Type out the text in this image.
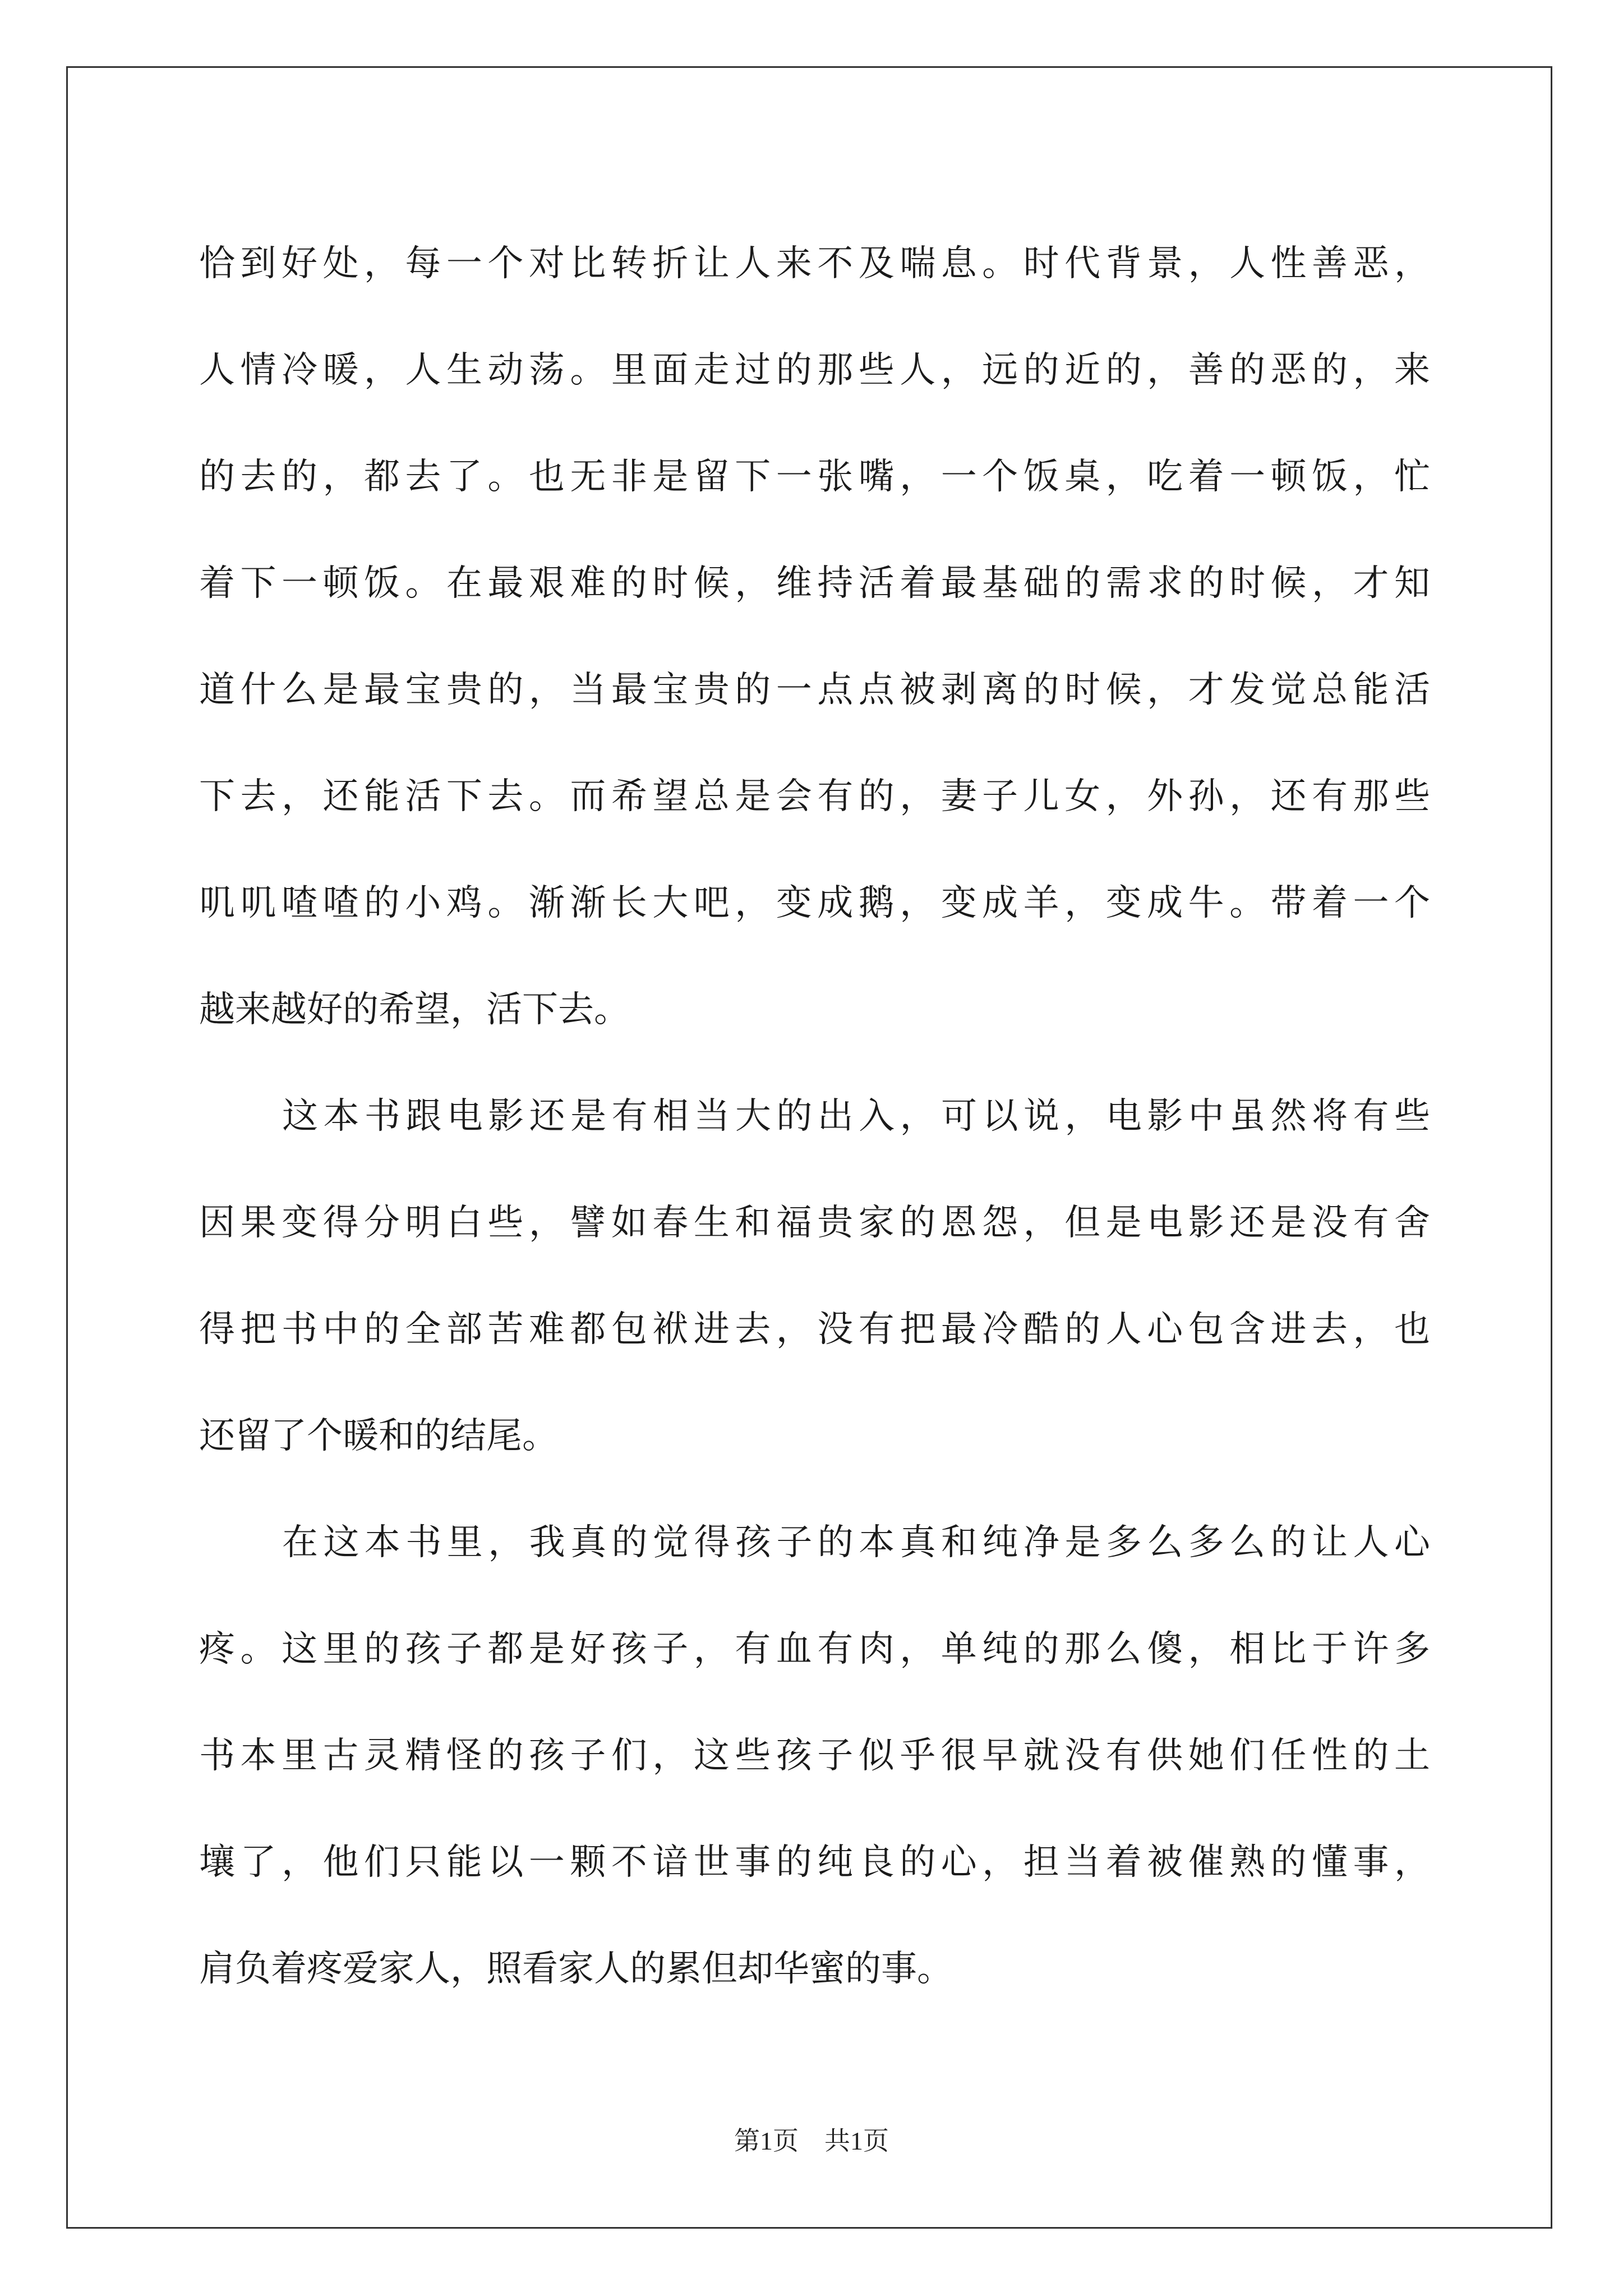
恰到好处，每一个对比转折让人来不及喘息。时代背景，人性善恶，
人情冷暖，人生动荡。里面走过的那些人，远的近的，善的恶的，来
的去的，都去了。也无非是留下一张嘴，一个饭桌，吃着一顿饭，忙
着下一顿饭。在最艰难的时候，维持活着最基础的需求的时候，才知
道什么是最宝贵的，当最宝贵的一点点被剥离的时候，才发觉总能活
下去，还能活下去。而希望总是会有的，妻子儿女，外孙，还有那些
叽叽喳喳的小鸡。渐渐长大吧，变成鹅，变成羊，变成牛。带着一个
越来越好的希望，活下去。
这本书跟电影还是有相当大的出入，可以说，电影中虽然将有些
因果变得分明白些，譬如春生和福贵家的恩怨，但是电影还是没有舍
得把书中的全部苦难都包袱进去，没有把最冷酷的人心包含进去，也
还留了个暖和的结尾。
在这本书里，我真的觉得孩子的本真和纯净是多么多么的让人心
疼。这里的孩子都是好孩子，有血有肉，单纯的那么傻，相比于许多
书本里古灵精怪的孩子们，这些孩子似乎很早就没有供她们任性的土
壤了，他们只能以一颗不谙世事的纯良的心，担当着被催熟的懂事，
肩负着疼爱家人，照看家人的累但却华蜜的事。
第1页　共1页
